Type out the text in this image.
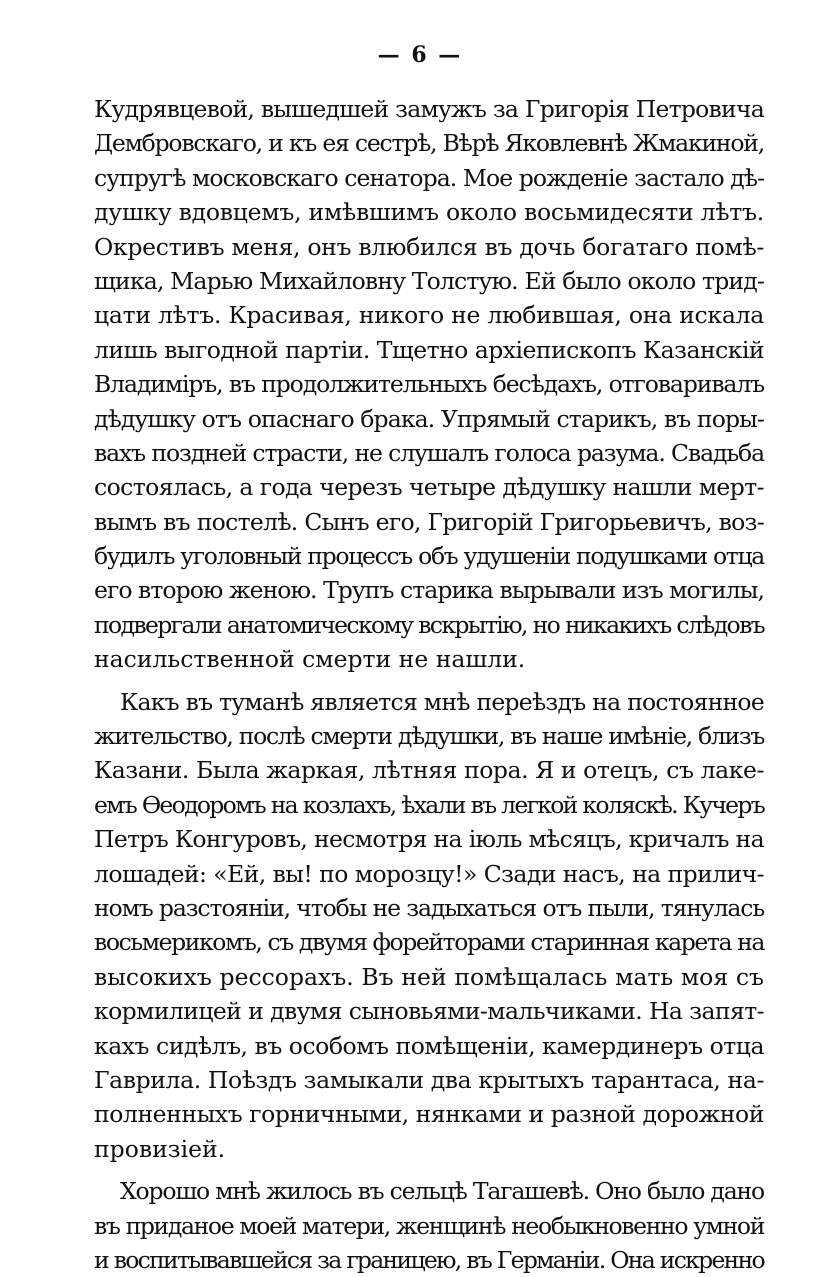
— 6 —
Кудрявцевой, вышедшей замужъ за Григорія Петровича
Дембровскаго, и къ ея сестрѣ, Вѣрѣ Яковлевнѣ Жмакиной,
супругѣ московскаго сенатора. Мое рожденіе застало дѣ-
душку вдовцемъ, имѣвшимъ около восьмидесяти лѣтъ.
Окрестивъ меня, онъ влюбился въ дочь богатаго помѣ-
щика, Марью Михайловну Толстую. Ей было около трид-
цати лѣтъ. Красивая, никого не любившая, она искала
лишь выгодной партіи. Тщетно архіепископъ Казанскій
Владиміръ, въ продолжительныхъ бесѣдахъ, отговаривалъ
дѣдушку отъ опаснаго брака. Упрямый старикъ, въ поры-
вахъ поздней страсти, не слушалъ голоса разума. Свадьба
состоялась, а года черезъ четыре дѣдушку нашли мерт-
вымъ въ постелѣ. Сынъ его, Григорій Григорьевичъ, воз-
будилъ уголовный процессъ объ удушеніи подушками отца
его второю женою. Трупъ старика вырывали изъ могилы,
подвергали анатомическому вскрытію, но никакихъ слѣдовъ
насильственной смерти не нашли.
Какъ въ туманѣ является мнѣ переѣздъ на постоянное
жительство, послѣ смерти дѣдушки, въ наше имѣніе, близъ
Казани. Была жаркая, лѣтняя пора. Я и отецъ, съ лаке-
емъ Ѳеодоромъ на козлахъ, ѣхали въ легкой коляскѣ. Кучеръ
Петръ Конгуровъ, несмотря на іюль мѣсяцъ, кричалъ на
лошадей: «Ей, вы! по морозцу!» Сзади насъ, на прилич-
номъ разстояніи, чтобы не задыхаться отъ пыли, тянулась
восьмерикомъ, съ двумя форейторами старинная карета на
высокихъ рессорахъ. Въ ней помѣщалась мать моя съ
кормилицей и двумя сыновьями-мальчиками. На запят-
кахъ сидѣлъ, въ особомъ помѣщеніи, камердинеръ отца
Гаврила. Поѣздъ замыкали два крытыхъ тарантаса, на-
полненныхъ горничными, нянками и разной дорожной
провизіей.
Хорошо мнѣ жилось въ сельцѣ Тагашевѣ. Оно было дано
въ приданое моей матери, женщинѣ необыкновенно умной
и воспитывавшейся за границею, въ Германіи. Она искренно
